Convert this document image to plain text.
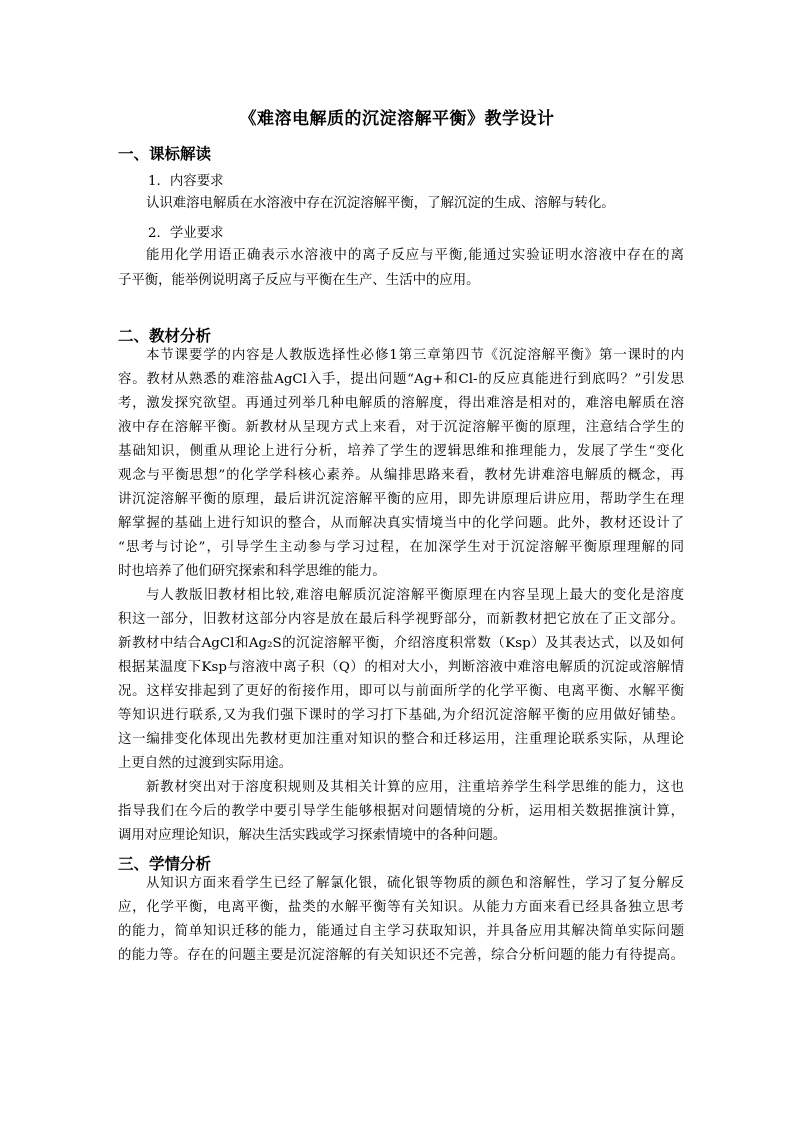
《难溶电解质的沉淀溶解平衡》教学设计
一、课标解读
1．内容要求
认识难溶电解质在水溶液中存在沉淀溶解平衡，了解沉淀的生成、溶解与转化。
2．学业要求
能用化学用语正确表示水溶液中的离子反应与平衡,能通过实验证明水溶液中存在的离
子平衡，能举例说明离子反应与平衡在生产、生活中的应用。
二、教材分析
本节课要学的内容是人教版选择性必修1第三章第四节《沉淀溶解平衡》第一课时的内
容。教材从熟悉的难溶盐AgCl入手，提出问题“Ag+和Cl-的反应真能进行到底吗？”引发思
考，激发探究欲望。再通过列举几种电解质的溶解度，得出难溶是相对的，难溶电解质在溶
液中存在溶解平衡。新教材从呈现方式上来看，对于沉淀溶解平衡的原理，注意结合学生的
基础知识，侧重从理论上进行分析，培养了学生的逻辑思维和推理能力，发展了学生“变化
观念与平衡思想”的化学学科核心素养。从编排思路来看，教材先讲难溶电解质的概念，再
讲沉淀溶解平衡的原理，最后讲沉淀溶解平衡的应用，即先讲原理后讲应用，帮助学生在理
解掌握的基础上进行知识的整合，从而解决真实情境当中的化学问题。此外，教材还设计了
“思考与讨论”，引导学生主动参与学习过程，在加深学生对于沉淀溶解平衡原理理解的同
时也培养了他们研究探索和科学思维的能力。
与人教版旧教材相比较,难溶电解质沉淀溶解平衡原理在内容呈现上最大的变化是溶度
积这一部分，旧教材这部分内容是放在最后科学视野部分，而新教材把它放在了正文部分。
新教材中结合AgCl和Ag₂S的沉淀溶解平衡，介绍溶度积常数（Ksp）及其表达式，以及如何
根据某温度下Ksp与溶液中离子积（Q）的相对大小，判断溶液中难溶电解质的沉淀或溶解情
况。这样安排起到了更好的衔接作用，即可以与前面所学的化学平衡、电离平衡、水解平衡
等知识进行联系,又为我们强下课时的学习打下基础,为介绍沉淀溶解平衡的应用做好铺垫。
这一编排变化体现出先教材更加注重对知识的整合和迁移运用，注重理论联系实际，从理论
上更自然的过渡到实际用途。
新教材突出对于溶度积规则及其相关计算的应用，注重培养学生科学思维的能力，这也
指导我们在今后的教学中要引导学生能够根据对问题情境的分析，运用相关数据推演计算，
调用对应理论知识，解决生活实践或学习探索情境中的各种问题。
三、学情分析
从知识方面来看学生已经了解氯化银，硫化银等物质的颜色和溶解性，学习了复分解反
应，化学平衡，电离平衡，盐类的水解平衡等有关知识。从能力方面来看已经具备独立思考
的能力，简单知识迁移的能力，能通过自主学习获取知识，并具备应用其解决简单实际问题
的能力等。存在的问题主要是沉淀溶解的有关知识还不完善，综合分析问题的能力有待提高。
